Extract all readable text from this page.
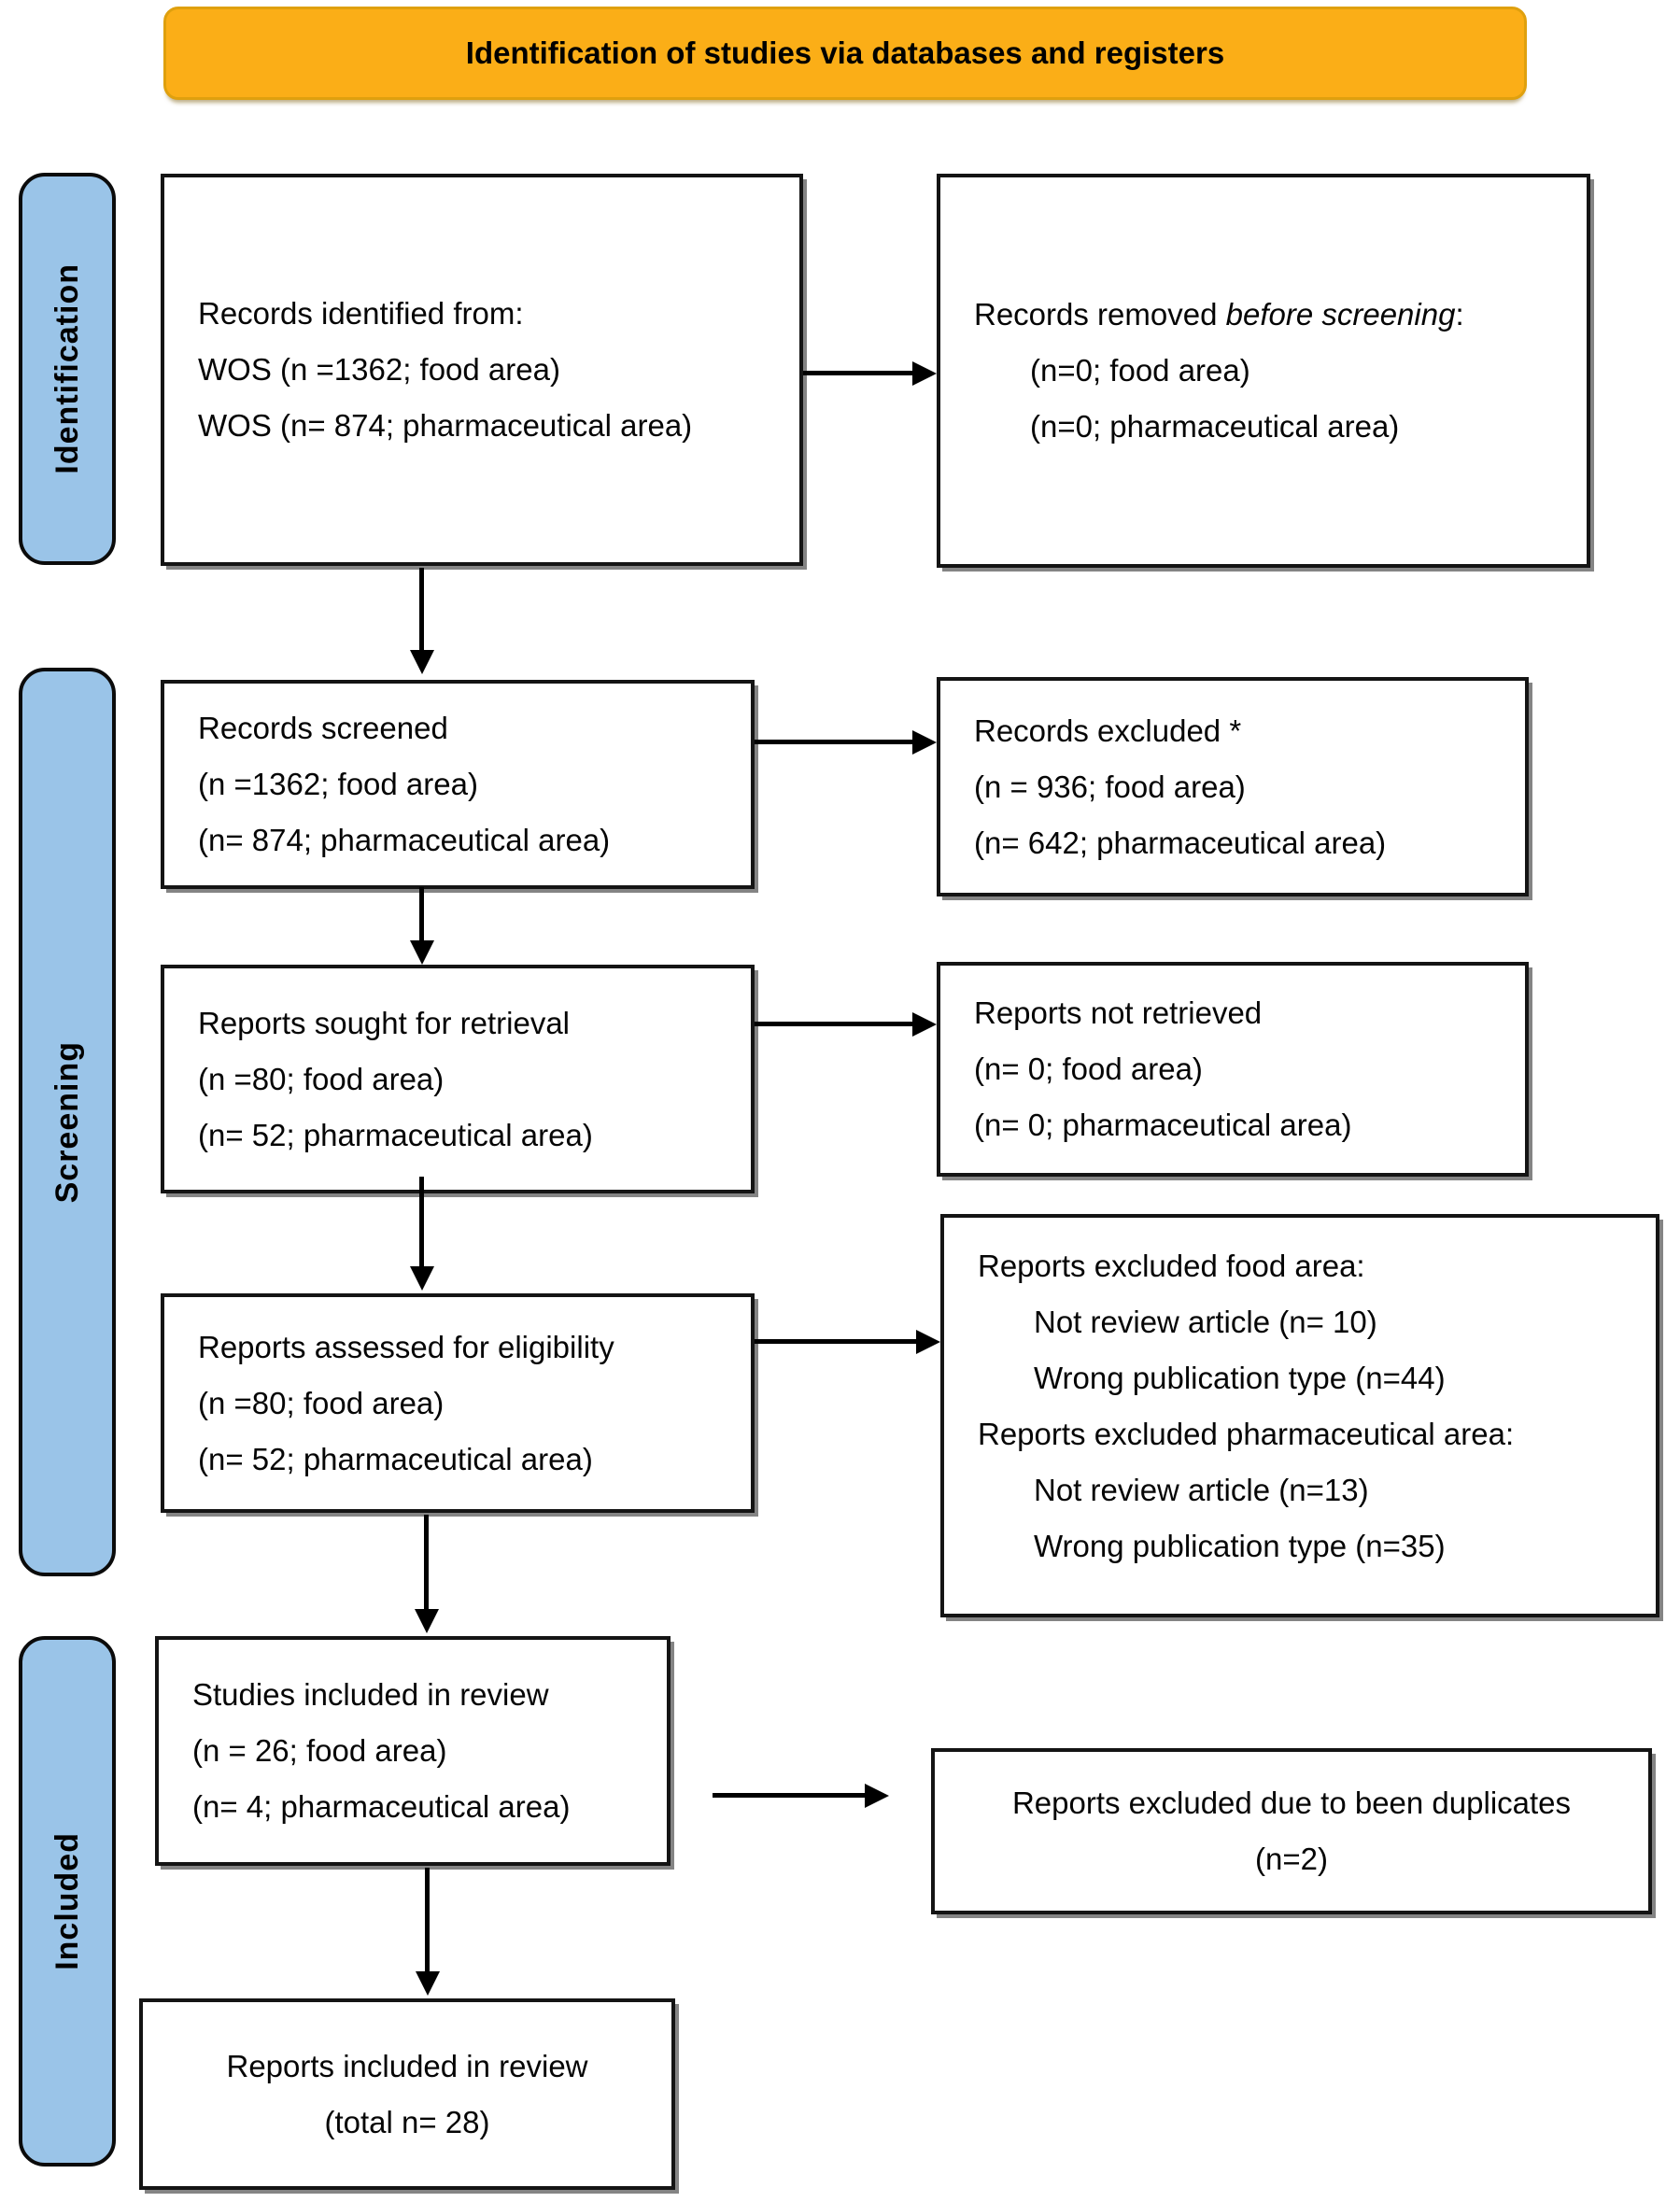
Identification of studies via databases and registers
Identification
Screening
Included
Records identified from:
WOS (n =1362; food area)
WOS (n= 874; pharmaceutical area)
Records removed before screening:
(n=0; food area)
(n=0; pharmaceutical area)
Records screened
(n =1362; food area)
(n= 874; pharmaceutical area)
Records excluded *
(n = 936; food area)
(n= 642; pharmaceutical area)
Reports sought for retrieval
(n =80; food area)
(n= 52; pharmaceutical area)
Reports not retrieved
(n= 0; food area)
(n= 0; pharmaceutical area)
Reports assessed for eligibility
(n =80; food area)
(n= 52; pharmaceutical area)
Reports excluded food area:
Not review article (n= 10)
Wrong publication type (n=44)
Reports excluded pharmaceutical area:
Not review article (n=13)
Wrong publication type (n=35)
Studies included in review
(n = 26; food area)
(n= 4; pharmaceutical area)	Reports excluded due to been duplicates
(n=2)
Reports included in review
(total n= 28)
